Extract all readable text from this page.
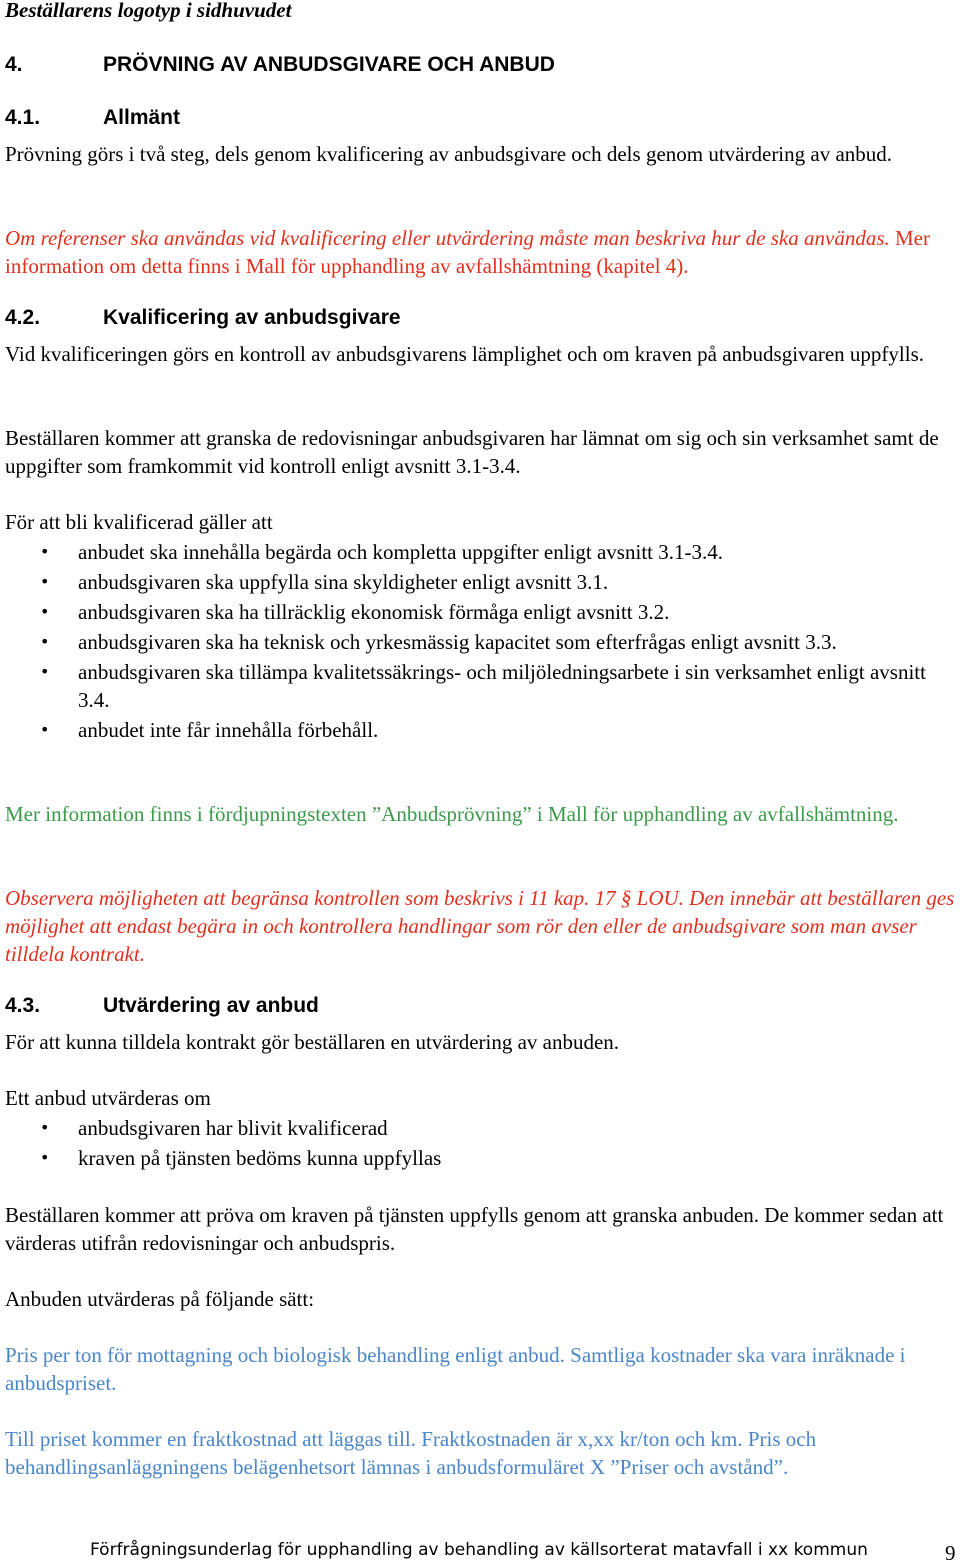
Beställarens logotyp i sidhuvudet
4.	PRÖVNING AV ANBUDSGIVARE OCH ANBUD
4.1.	Allmänt

Prövning görs i två steg, dels genom kvalificering av anbudsgivare och dels genom utvärdering av anbud.

Om referenser ska användas vid kvalificering eller utvärdering måste man beskriva hur de ska användas. Mer information om detta finns i Mall för upphandling av avfallshämtning (kapitel 4).

4.2.	Kvalificering av anbudsgivare

Vid kvalificeringen görs en kontroll av anbudsgivarens lämplighet och om kraven på anbudsgivaren uppfylls.

Beställaren kommer att granska de redovisningar anbudsgivaren har lämnat om sig och sin verksamhet samt de uppgifter som framkommit vid kontroll enligt avsnitt 3.1-3.4.

För att bli kvalificerad gäller att

• anbudet ska innehålla begärda och kompletta uppgifter enligt avsnitt 3.1-3.4.
• anbudsgivaren ska uppfylla sina skyldigheter enligt avsnitt 3.1.
• anbudsgivaren ska ha tillräcklig ekonomisk förmåga enligt avsnitt 3.2.
• anbudsgivaren ska ha teknisk och yrkesmässig kapacitet som efterfrågas enligt avsnitt 3.3.
• anbudsgivaren ska tillämpa kvalitetssäkrings- och miljöledningsarbete i sin verksamhet enligt avsnitt 3.4.
• anbudet inte får innehålla förbehåll.

Mer information finns i fördjupningstexten ”Anbudsprövning” i Mall för upphandling av avfallshämtning.

Observera möjligheten att begränsa kontrollen som beskrivs i 11 kap. 17 § LOU. Den innebär att beställaren ges möjlighet att endast begära in och kontrollera handlingar som rör den eller de anbudsgivare som man avser tilldela kontrakt.

4.3.	Utvärdering av anbud

För att kunna tilldela kontrakt gör beställaren en utvärdering av anbuden.

Ett anbud utvärderas om

• anbudsgivaren har blivit kvalificerad
• kraven på tjänsten bedöms kunna uppfyllas

Beställaren kommer att pröva om kraven på tjänsten uppfylls genom att granska anbuden. De kommer sedan att värderas utifrån redovisningar och anbudspris.

Anbuden utvärderas på följande sätt:

Pris per ton för mottagning och biologisk behandling enligt anbud. Samtliga kostnader ska vara inräknade i anbudspriset.

Till priset kommer en fraktkostnad att läggas till. Fraktkostnaden är x,xx kr/ton och km. Pris och behandlingsanläggningens belägenhetsort lämnas i anbudsformuläret X ”Priser och avstånd”.

Förfrågningsunderlag för upphandling av behandling av källsorterat matavfall i xx kommun	9
